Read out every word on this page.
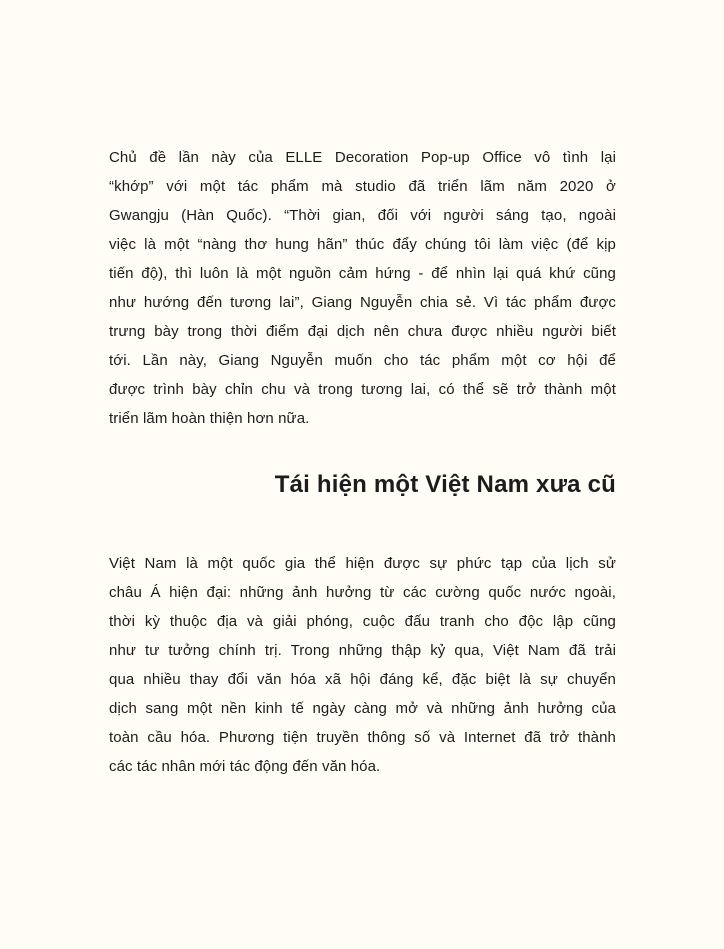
Chủ đề lần này của ELLE Decoration Pop-up Office vô tình lại
“khớp” với một tác phẩm mà studio đã triển lãm năm 2020 ở
Gwangju (Hàn Quốc). “Thời gian, đối với người sáng tạo, ngoài
việc là một “nàng thơ hung hãn” thúc đẩy chúng tôi làm việc (để kịp
tiến độ), thì luôn là một nguồn cảm hứng - để nhìn lại quá khứ cũng
như hướng đến tương lai”, Giang Nguyễn chia sẻ. Vì tác phẩm được
trưng bày trong thời điểm đại dịch nên chưa được nhiều người biết
tới. Lần này, Giang Nguyễn muốn cho tác phẩm một cơ hội để
được trình bày chỉn chu và trong tương lai, có thể sẽ trở thành một
triển lãm hoàn thiện hơn nữa.
Tái hiện một Việt Nam xưa cũ
Việt Nam là một quốc gia thể hiện được sự phức tạp của lịch sử
châu Á hiện đại: những ảnh hưởng từ các cường quốc nước ngoài,
thời kỳ thuộc địa và giải phóng, cuộc đấu tranh cho độc lập cũng
như tư tưởng chính trị. Trong những thập kỷ qua, Việt Nam đã trải
qua nhiều thay đổi văn hóa xã hội đáng kể, đặc biệt là sự chuyển
dịch sang một nền kinh tế ngày càng mở và những ảnh hưởng của
toàn cầu hóa. Phương tiện truyền thông số và Internet đã trở thành
các tác nhân mới tác động đến văn hóa.
